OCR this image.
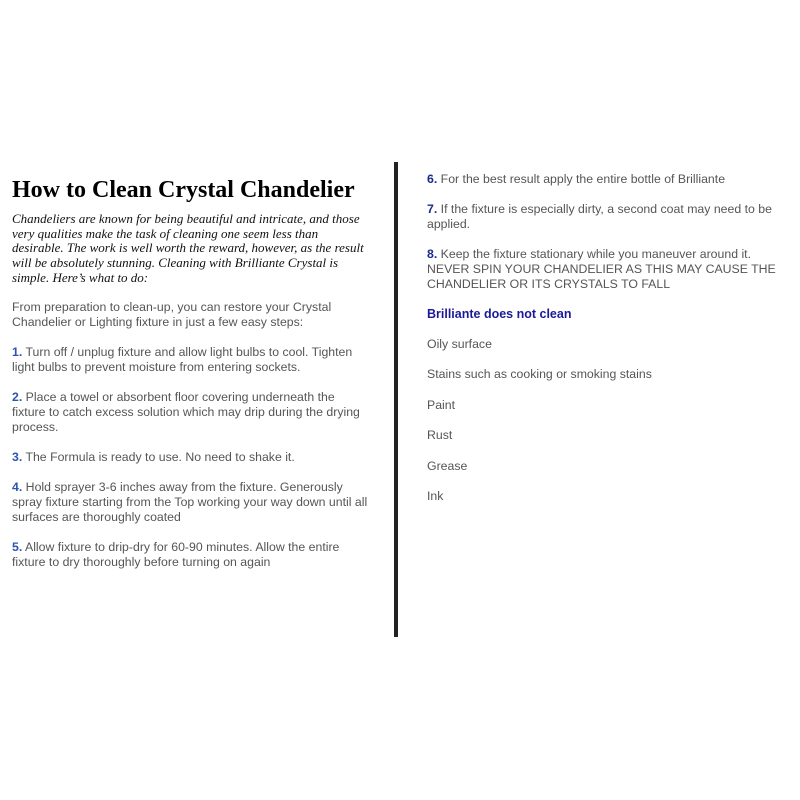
How to Clean Crystal Chandelier

Chandeliers are known for being beautiful and intricate, and those very qualities make the task of cleaning one seem less than desirable. The work is well worth the reward, however, as the result will be absolutely stunning. Cleaning with Brilliante Crystal is simple. Here’s what to do:

From preparation to clean-up, you can restore your Crystal Chandelier or Lighting fixture in just a few easy steps:

1. Turn off / unplug fixture and allow light bulbs to cool. Tighten light bulbs to prevent moisture from entering sockets.

2. Place a towel or absorbent floor covering underneath the fixture to catch excess solution which may drip during the drying process.

3. The Formula is ready to use. No need to shake it.

4. Hold sprayer 3-6 inches away from the fixture. Generously spray fixture starting from the Top working your way down until all surfaces are thoroughly coated

5. Allow fixture to drip-dry for 60-90 minutes. Allow the entire fixture to dry thoroughly before turning on again

6. For the best result apply the entire bottle of Brilliante

7. If the fixture is especially dirty, a second coat may need to be applied.

8. Keep the fixture stationary while you maneuver around it. NEVER SPIN YOUR CHANDELIER AS THIS MAY CAUSE THE CHANDELIER OR ITS CRYSTALS TO FALL

Brilliante does not clean

Oily surface

Stains such as cooking or smoking stains

Paint

Rust

Grease

Ink
